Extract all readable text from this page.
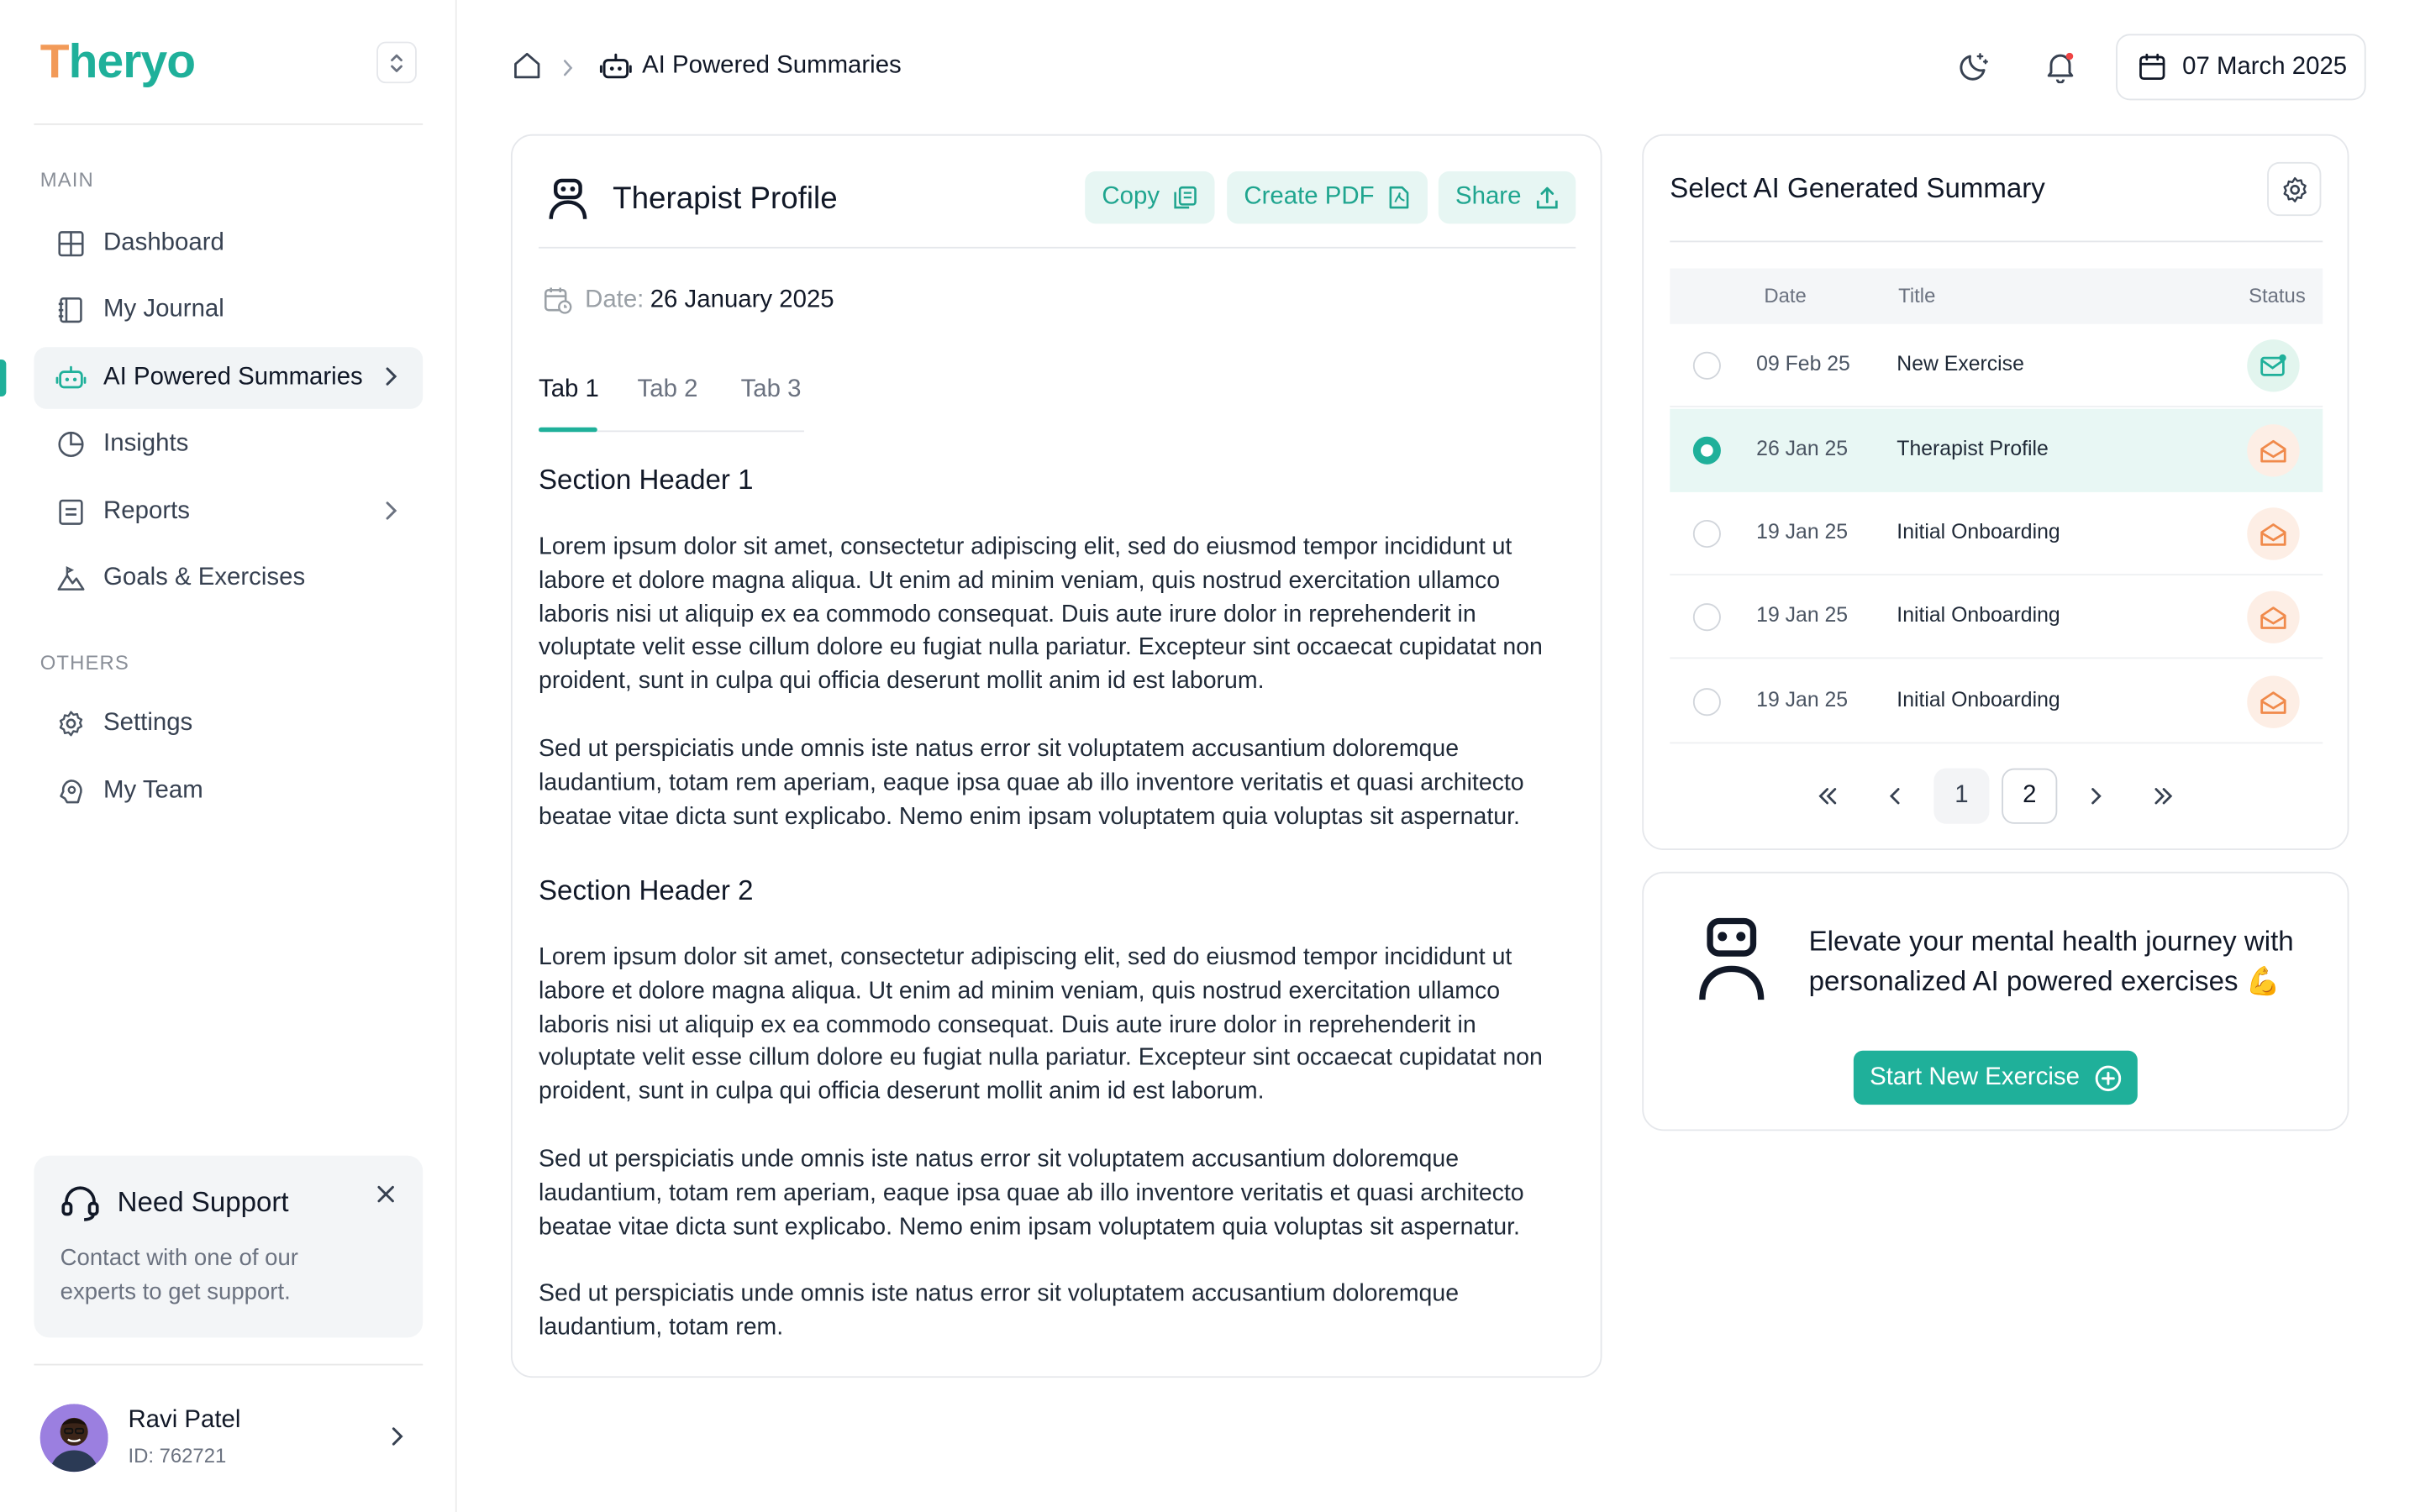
Theryo
MAIN
Dashboard
My Journal
AI Powered Summaries
Insights
Reports
Goals & Exercises
OTHERS
Settings
My Team
Need Support
Contact with one of our experts to get support.
Ravi Patel
ID: 762721
AI Powered Summaries	07 March 2025
Therapist Profile	Copy	Create PDF	Share
Date: 26 January 2025
Tab 1	Tab 2	Tab 3
Section Header 1
Lorem ipsum dolor sit amet, consectetur adipiscing elit, sed do eiusmod tempor incididunt ut labore et dolore magna aliqua. Ut enim ad minim veniam, quis nostrud exercitation ullamco laboris nisi ut aliquip ex ea commodo consequat. Duis aute irure dolor in reprehenderit in voluptate velit esse cillum dolore eu fugiat nulla pariatur. Excepteur sint occaecat cupidatat non proident, sunt in culpa qui officia deserunt mollit anim id est laborum.
Sed ut perspiciatis unde omnis iste natus error sit voluptatem accusantium doloremque laudantium, totam rem aperiam, eaque ipsa quae ab illo inventore veritatis et quasi architecto beatae vitae dicta sunt explicabo. Nemo enim ipsam voluptatem quia voluptas sit aspernatur.
Section Header 2
Lorem ipsum dolor sit amet, consectetur adipiscing elit, sed do eiusmod tempor incididunt ut labore et dolore magna aliqua. Ut enim ad minim veniam, quis nostrud exercitation ullamco laboris nisi ut aliquip ex ea commodo consequat. Duis aute irure dolor in reprehenderit in voluptate velit esse cillum dolore eu fugiat nulla pariatur. Excepteur sint occaecat cupidatat non proident, sunt in culpa qui officia deserunt mollit anim id est laborum.
Sed ut perspiciatis unde omnis iste natus error sit voluptatem accusantium doloremque laudantium, totam rem aperiam, eaque ipsa quae ab illo inventore veritatis et quasi architecto beatae vitae dicta sunt explicabo. Nemo enim ipsam voluptatem quia voluptas sit aspernatur.
Sed ut perspiciatis unde omnis iste natus error sit voluptatem accusantium doloremque laudantium, totam rem.
Select AI Generated Summary
Date	Title	Status
09 Feb 25	New Exercise
26 Jan 25	Therapist Profile
19 Jan 25	Initial Onboarding
19 Jan 25	Initial Onboarding
19 Jan 25	Initial Onboarding
1	2
Elevate your mental health journey with personalized AI powered exercises 💪
Start New Exercise
